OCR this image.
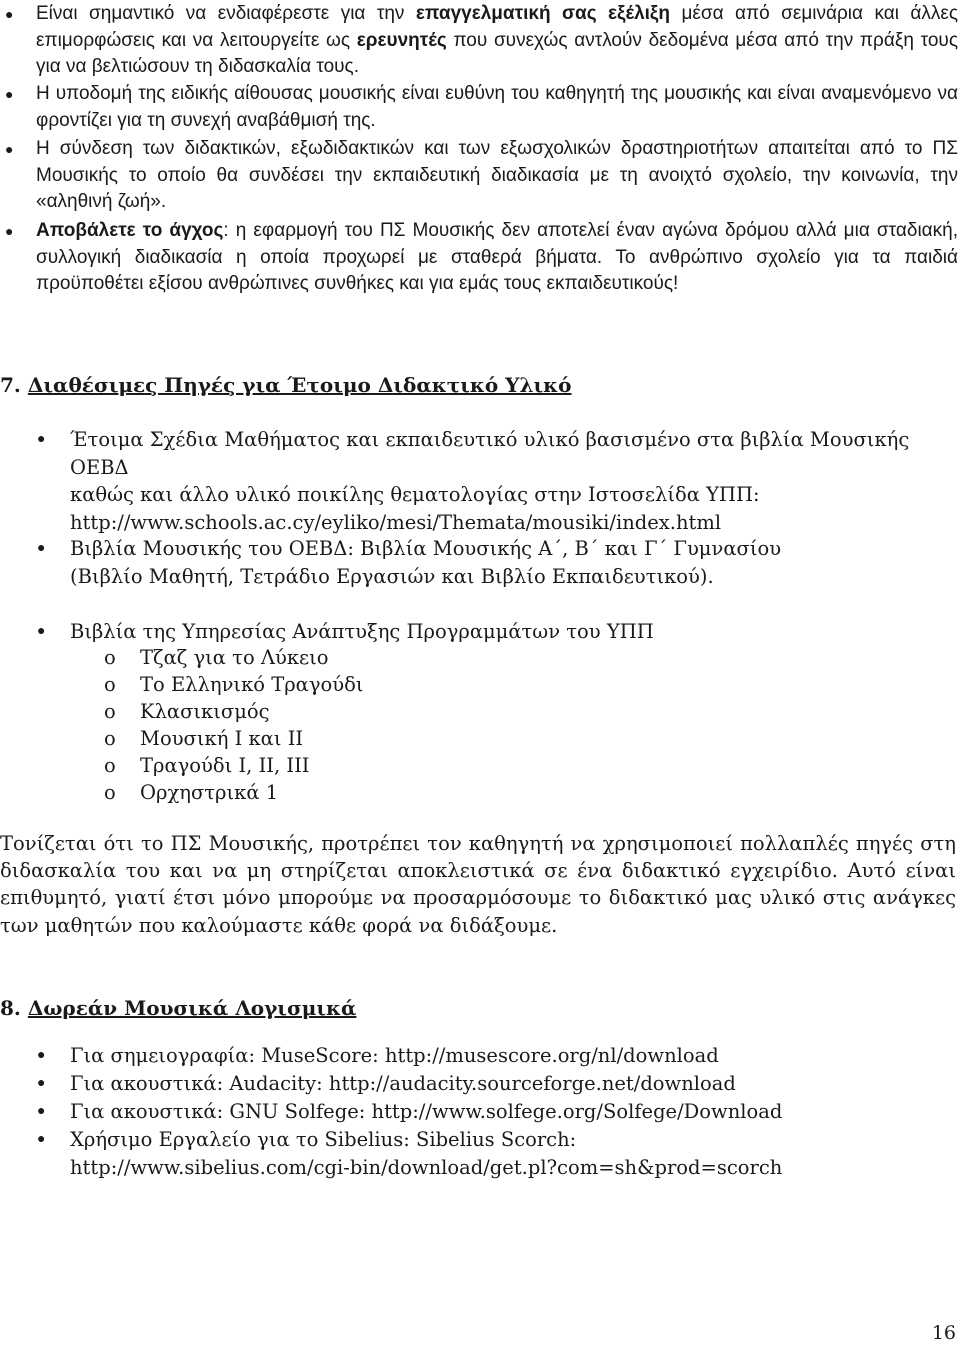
● Είναι σημαντικό να ενδιαφέρεστε για την επαγγελματική σας εξέλιξη μέσα από σεμινάρια και άλλες επιμορφώσεις και να λειτουργείτε ως ερευνητές που συνεχώς αντλούν δεδομένα μέσα από την πράξη τους για να βελτιώσουν τη διδασκαλία τους.
● Η υποδομή της ειδικής αίθουσας μουσικής είναι ευθύνη του καθηγητή της μουσικής και είναι αναμενόμενο να φροντίζει για τη συνεχή αναβάθμισή της.
● Η σύνδεση των διδακτικών, εξωδιδακτικών και των εξωσχολικών δραστηριοτήτων απαιτείται από το ΠΣ Μουσικής το οποίο θα συνδέσει την εκπαιδευτική διαδικασία με τη ανοιχτό σχολείο, την κοινωνία, την «αληθινή ζωή».
● Αποβάλετε το άγχος: η εφαρμογή του ΠΣ Μουσικής δεν αποτελεί έναν αγώνα δρόμου αλλά μια σταδιακή, συλλογική διαδικασία η οποία προχωρεί με σταθερά βήματα. Το ανθρώπινο σχολείο για τα παιδιά προϋποθέτει εξίσου ανθρώπινες συνθήκες και για εμάς τους εκπαιδευτικούς!
7. Διαθέσιμες Πηγές για Έτοιμο Διδακτικό Υλικό
● Έτοιμα Σχέδια Μαθήματος και εκπαιδευτικό υλικό βασισμένο στα βιβλία Μουσικής ΟΕΒΔ
καθώς και άλλο υλικό ποικίλης θεματολογίας στην Ιστοσελίδα ΥΠΠ:
http://www.schools.ac.cy/eyliko/mesi/Themata/mousiki/index.html
● Βιβλία Μουσικής του ΟΕΒΔ: Βιβλία Μουσικής Α΄, Β΄ και Γ΄ Γυμνασίου
(Βιβλίο Μαθητή, Τετράδιο Εργασιών και Βιβλίο Εκπαιδευτικού).
● Βιβλία της Υπηρεσίας Ανάπτυξης Προγραμμάτων του ΥΠΠ
o Τζαζ για το Λύκειο
o Το Ελληνικό Τραγούδι
o Κλασικισμός
o Μουσική Ι και ΙΙ
o Τραγούδι Ι, ΙΙ, ΙΙΙ
o Ορχηστρικά 1
Τονίζεται ότι το ΠΣ Μουσικής, προτρέπει τον καθηγητή να χρησιμοποιεί πολλαπλές πηγές στη διδασκαλία του και να μη στηρίζεται αποκλειστικά σε ένα διδακτικό εγχειρίδιο. Αυτό είναι επιθυμητό, γιατί έτσι μόνο μπορούμε να προσαρμόσουμε το διδακτικό μας υλικό στις ανάγκες των μαθητών που καλούμαστε κάθε φορά να διδάξουμε.
8. Δωρεάν Μουσικά Λογισμικά
● Για σημειογραφία: MuseScore: http://musescore.org/nl/download
● Για ακουστικά: Audacity: http://audacity.sourceforge.net/download
● Για ακουστικά: GNU Solfege: http://www.solfege.org/Solfege/Download
● Χρήσιμο Εργαλείο για το Sibelius: Sibelius Scorch:
http://www.sibelius.com/cgi-bin/download/get.pl?com=sh&prod=scorch
16
